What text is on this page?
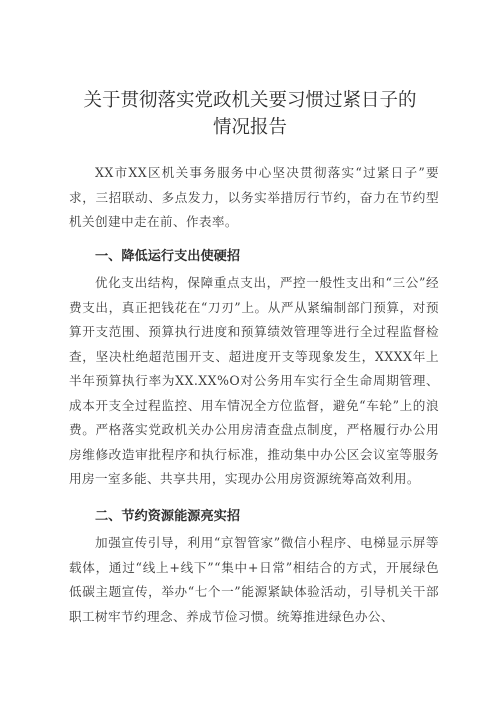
关于贯彻落实党政机关要习惯过紧日子的
情况报告

XX市XX区机关事务服务中心坚决贯彻落实“过紧日子”要求，三招联动、多点发力，以务实举措厉行节约，奋力在节约型机关创建中走在前、作表率。

一、降低运行支出使硬招

优化支出结构，保障重点支出，严控一般性支出和“三公”经费支出，真正把钱花在“刀刃”上。从严从紧编制部门预算，对预算开支范围、预算执行进度和预算绩效管理等进行全过程监督检查，坚决杜绝超范围开支、超进度开支等现象发生，XXXX年上半年预算执行率为XX.XX%O对公务用车实行全生命周期管理、成本开支全过程监控、用车情况全方位监督，避免“车轮”上的浪费。严格落实党政机关办公用房清查盘点制度，严格履行办公用房维修改造审批程序和执行标准，推动集中办公区会议室等服务用房一室多能、共享共用，实现办公用房资源统筹高效利用。

二、节约资源能源亮实招

加强宣传引导，利用“京智管家”微信小程序、电梯显示屏等载体，通过“线上+线下”“集中+日常”相结合的方式，开展绿色低碳主题宣传，举办“七个一”能源紧缺体验活动，引导机关干部职工树牢节约理念、养成节俭习惯。统筹推进绿色办公、
